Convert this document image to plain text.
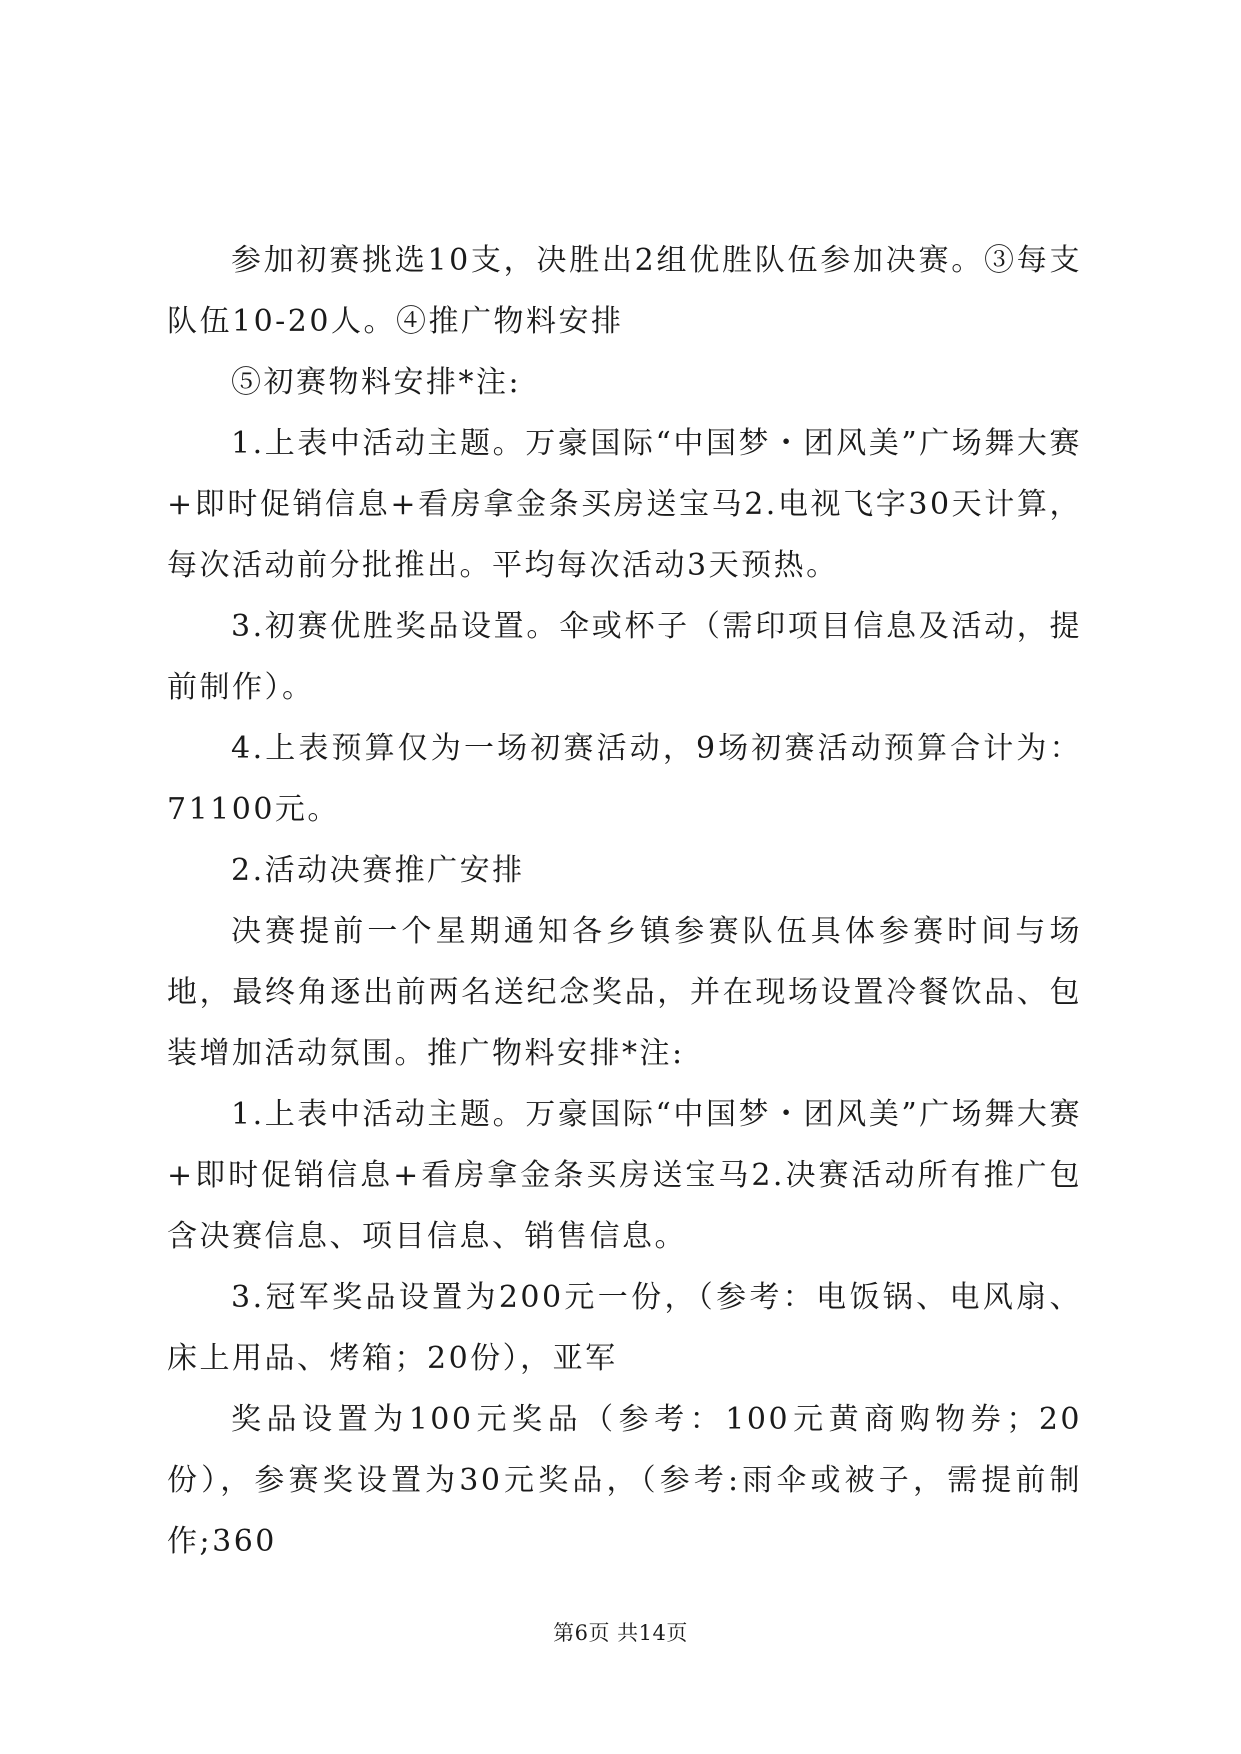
参加初赛挑选10支，决胜出2组优胜队伍参加决赛。③每支队伍10-20人。④推广物料安排

⑤初赛物料安排*注:

1.上表中活动主题。万豪国际“中国梦・团风美”广场舞大赛+即时促销信息+看房拿金条买房送宝马2.电视飞字30天计算，每次活动前分批推出。平均每次活动3天预热。

3.初赛优胜奖品设置。伞或杯子（需印项目信息及活动，提前制作）。

4.上表预算仅为一场初赛活动，9场初赛活动预算合计为：71100元。

2.活动决赛推广安排

决赛提前一个星期通知各乡镇参赛队伍具体参赛时间与场地，最终角逐出前两名送纪念奖品，并在现场设置冷餐饮品、包装增加活动氛围。推广物料安排*注:

1.上表中活动主题。万豪国际“中国梦・团风美”广场舞大赛+即时促销信息+看房拿金条买房送宝马2.决赛活动所有推广包含决赛信息、项目信息、销售信息。

3.冠军奖品设置为200元一份，（参考：电饭锅、电风扇、床上用品、烤箱；20份），亚军

奖品设置为100元奖品（参考：100元黄商购物券；20份），参赛奖设置为30元奖品，（参考:雨伞或被子，需提前制作;360

第6页 共14页
